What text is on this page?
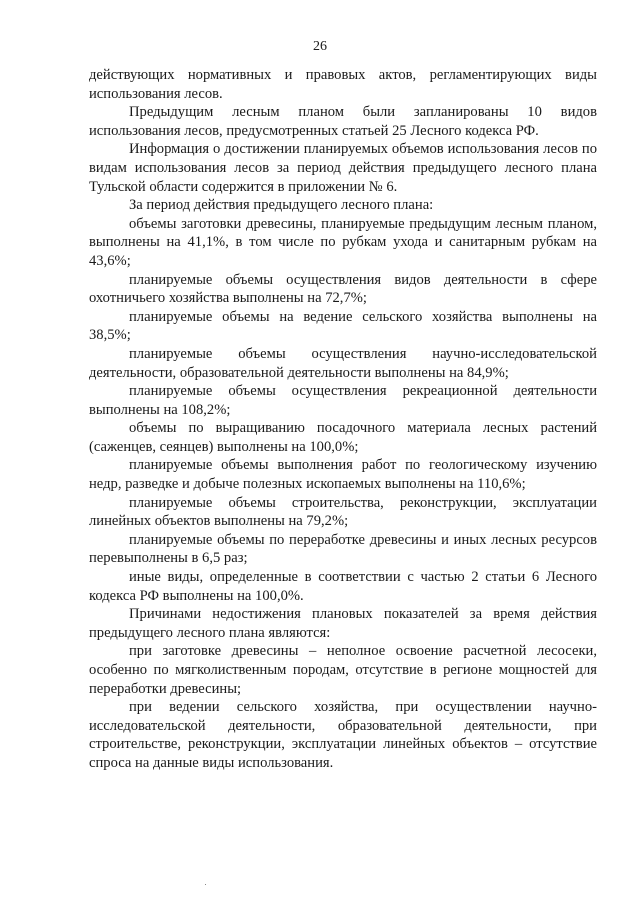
26

действующих нормативных и правовых актов, регламентирующих виды использования лесов.

Предыдущим лесным планом были запланированы 10 видов использования лесов, предусмотренных статьей 25 Лесного кодекса РФ.

Информация о достижении планируемых объемов использования лесов по видам использования лесов за период действия предыдущего лесного плана Тульской области содержится в приложении № 6.

За период действия предыдущего лесного плана:

объемы заготовки древесины, планируемые предыдущим лесным планом, выполнены на 41,1%, в том числе по рубкам ухода и санитарным рубкам на 43,6%;

планируемые объемы осуществления видов деятельности в сфере охотничьего хозяйства выполнены на 72,7%;

планируемые объемы на ведение сельского хозяйства выполнены на 38,5%;

планируемые объемы осуществления научно-исследовательской деятельности, образовательной деятельности выполнены на 84,9%;

планируемые объемы осуществления рекреационной деятельности выполнены на 108,2%;

объемы по выращиванию посадочного материала лесных растений (саженцев, сеянцев) выполнены на 100,0%;

планируемые объемы выполнения работ по геологическому изучению недр, разведке и добыче полезных ископаемых выполнены на 110,6%;

планируемые объемы строительства, реконструкции, эксплуатации линейных объектов выполнены на 79,2%;

планируемые объемы по переработке древесины и иных лесных ресурсов перевыполнены в 6,5 раз;

иные виды, определенные в соответствии с частью 2 статьи 6 Лесного кодекса РФ выполнены на 100,0%.

Причинами недостижения плановых показателей за время действия предыдущего лесного плана являются:

при заготовке древесины – неполное освоение расчетной лесосеки, особенно по мягколиственным породам, отсутствие в регионе мощностей для переработки древесины;

при ведении сельского хозяйства, при осуществлении научно-исследовательской деятельности, образовательной деятельности, при строительстве, реконструкции, эксплуатации линейных объектов – отсутствие спроса на данные виды использования.
